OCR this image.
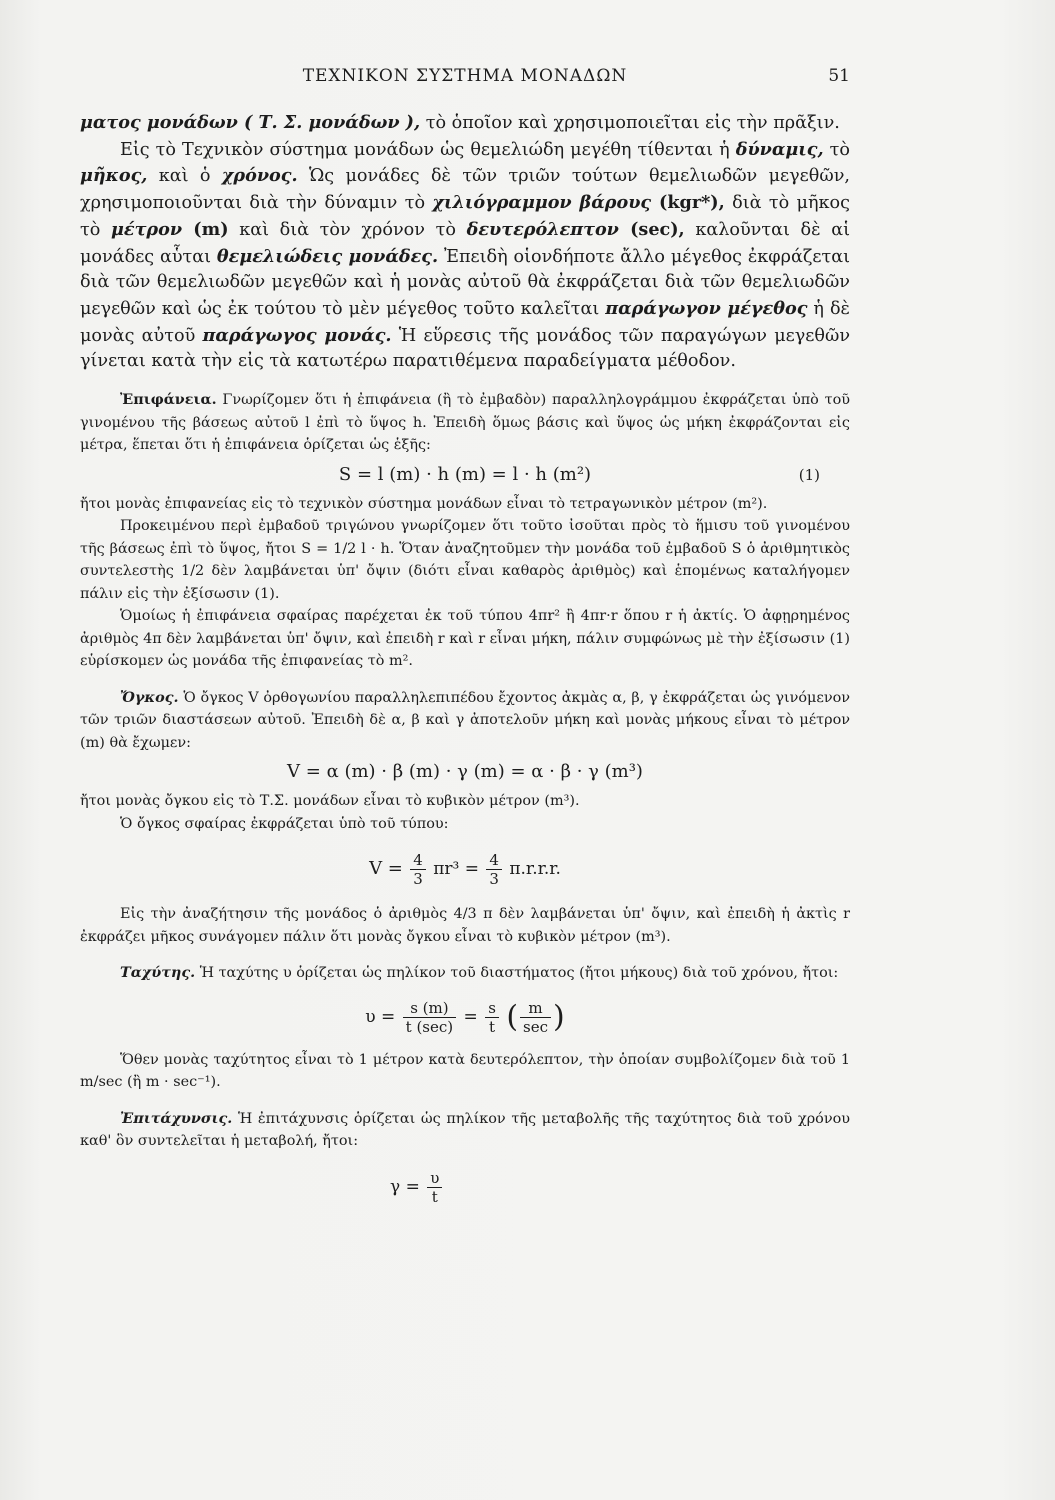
ΤΕΧΝΙΚΟΝ ΣΥΣΤΗΜΑ ΜΟΝΑΔΩΝ	51

ματος μονάδων ( Τ. Σ. μονάδων ), τὸ ὁποῖον καὶ χρησιμοποιεῖται εἰς τὴν πρᾶξιν.

Εἰς τὸ Τεχνικὸν σύστημα μονάδων ὡς θεμελιώδη μεγέθη τίθενται ἡ δύναμις, τὸ μῆκος, καὶ ὁ χρόνος. Ὡς μονάδες δὲ τῶν τριῶν τούτων θεμελιωδῶν μεγεθῶν, χρησιμοποιοῦνται διὰ τὴν δύναμιν τὸ χιλιόγραμμον βάρους (kgr*), διὰ τὸ μῆκος τὸ μέτρον (m) καὶ διὰ τὸν χρόνον τὸ δευτερόλεπτον (sec), καλοῦνται δὲ αἱ μονάδες αὗται θεμελιώδεις μονάδες. Ἐπειδὴ οἱονδήποτε ἄλλο μέγεθος ἐκφράζεται διὰ τῶν θεμελιωδῶν μεγεθῶν καὶ ἡ μονὰς αὐτοῦ θὰ ἐκφράζεται διὰ τῶν θεμελιωδῶν μεγεθῶν καὶ ὡς ἐκ τούτου τὸ μὲν μέγεθος τοῦτο καλεῖται παράγωγον μέγεθος ἡ δὲ μονὰς αὐτοῦ παράγωγος μονάς. Ἡ εὕρεσις τῆς μονάδος τῶν παραγώγων μεγεθῶν γίνεται κατὰ τὴν εἰς τὰ κατωτέρω παρατιθέμενα παραδείγματα μέθοδον.

Ἐπιφάνεια. Γνωρίζομεν ὅτι ἡ ἐπιφάνεια (ἢ τὸ ἐμβαδὸν) παραλληλογράμμου ἐκφράζεται ὑπὸ τοῦ γινομένου τῆς βάσεως αὐτοῦ l ἐπὶ τὸ ὕψος h. Ἐπειδὴ ὅμως βάσις καὶ ὕψος ὡς μήκη ἐκφράζονται εἰς μέτρα, ἕπεται ὅτι ἡ ἐπιφάνεια ὁρίζεται ὡς ἑξῆς:

S = l (m) · h (m) = l · h (m²)	(1)

ἤτοι μονὰς ἐπιφανείας εἰς τὸ τεχνικὸν σύστημα μονάδων εἶναι τὸ τετραγωνικὸν μέτρον (m²).

Προκειμένου περὶ ἐμβαδοῦ τριγώνου γνωρίζομεν ὅτι τοῦτο ἰσοῦται πρὸς τὸ ἥμισυ τοῦ γινομένου τῆς βάσεως ἐπὶ τὸ ὕψος, ἤτοι S = 1/2 l · h. Ὅταν ἀναζητοῦμεν τὴν μονάδα τοῦ ἐμβαδοῦ S ὁ ἀριθμητικὸς συντελεστὴς 1/2 δὲν λαμβάνεται ὑπ' ὄψιν (διότι εἶναι καθαρὸς ἀριθμὸς) καὶ ἑπομένως καταλήγομεν πάλιν εἰς τὴν ἐξίσωσιν (1).

Ὁμοίως ἡ ἐπιφάνεια σφαίρας παρέχεται ἐκ τοῦ τύπου 4πr² ἢ 4πr·r ὅπου r ἡ ἀκτίς. Ὁ ἀφῃρημένος ἀριθμὸς 4π δὲν λαμβάνεται ὑπ' ὄψιν, καὶ ἐπειδὴ r καὶ r εἶναι μήκη, πάλιν συμφώνως μὲ τὴν ἐξίσωσιν (1) εὑρίσκομεν ὡς μονάδα τῆς ἐπιφανείας τὸ m².

Ὄγκος. Ὁ ὄγκος V ὀρθογωνίου παραλληλεπιπέδου ἔχοντος ἀκμὰς α, β, γ ἐκφράζεται ὡς γινόμενον τῶν τριῶν διαστάσεων αὐτοῦ. Ἐπειδὴ δὲ α, β καὶ γ ἀποτελοῦν μήκη καὶ μονὰς μήκους εἶναι τὸ μέτρον (m) θὰ ἔχωμεν:

V = α (m) · β (m) · γ (m) = α · β · γ (m³)

ἤτοι μονὰς ὄγκου εἰς τὸ Τ.Σ. μονάδων εἶναι τὸ κυβικὸν μέτρον (m³).

Ὁ ὄγκος σφαίρας ἐκφράζεται ὑπὸ τοῦ τύπου:

$V = \frac{4}{3} \pi r^3 = \frac{4}{3} \pi.r.r.r$.

Εἰς τὴν ἀναζήτησιν τῆς μονάδος ὁ ἀριθμὸς 4/3 π δὲν λαμβάνεται ὑπ' ὄψιν, καὶ ἐπειδὴ ἡ ἀκτὶς r ἐκφράζει μῆκος συνάγομεν πάλιν ὅτι μονὰς ὄγκου εἶναι τὸ κυβικὸν μέτρον (m³).

Ταχύτης. Ἡ ταχύτης υ ὁρίζεται ὡς πηλίκον τοῦ διαστήματος (ἤτοι μήκους) διὰ τοῦ χρόνου, ἤτοι:

$\upsilon = \frac{s (m)}{t (\sec)} = \frac{s}{t}$ ( $\frac{m}{\sec}$ )

Ὅθεν μονὰς ταχύτητος εἶναι τὸ 1 μέτρον κατὰ δευτερόλεπτον, τὴν ὁποίαν συμβολίζομεν διὰ τοῦ 1 m/sec (ἢ m · sec⁻¹).

Ἐπιτάχυνσις. Ἡ ἐπιτάχυνσις ὁρίζεται ὡς πηλίκον τῆς μεταβολῆς τῆς ταχύτητος διὰ τοῦ χρόνου καθ' ὃν συντελεῖται ἡ μεταβολή, ἤτοι:

$\gamma = \frac{\upsilon}{t}$
